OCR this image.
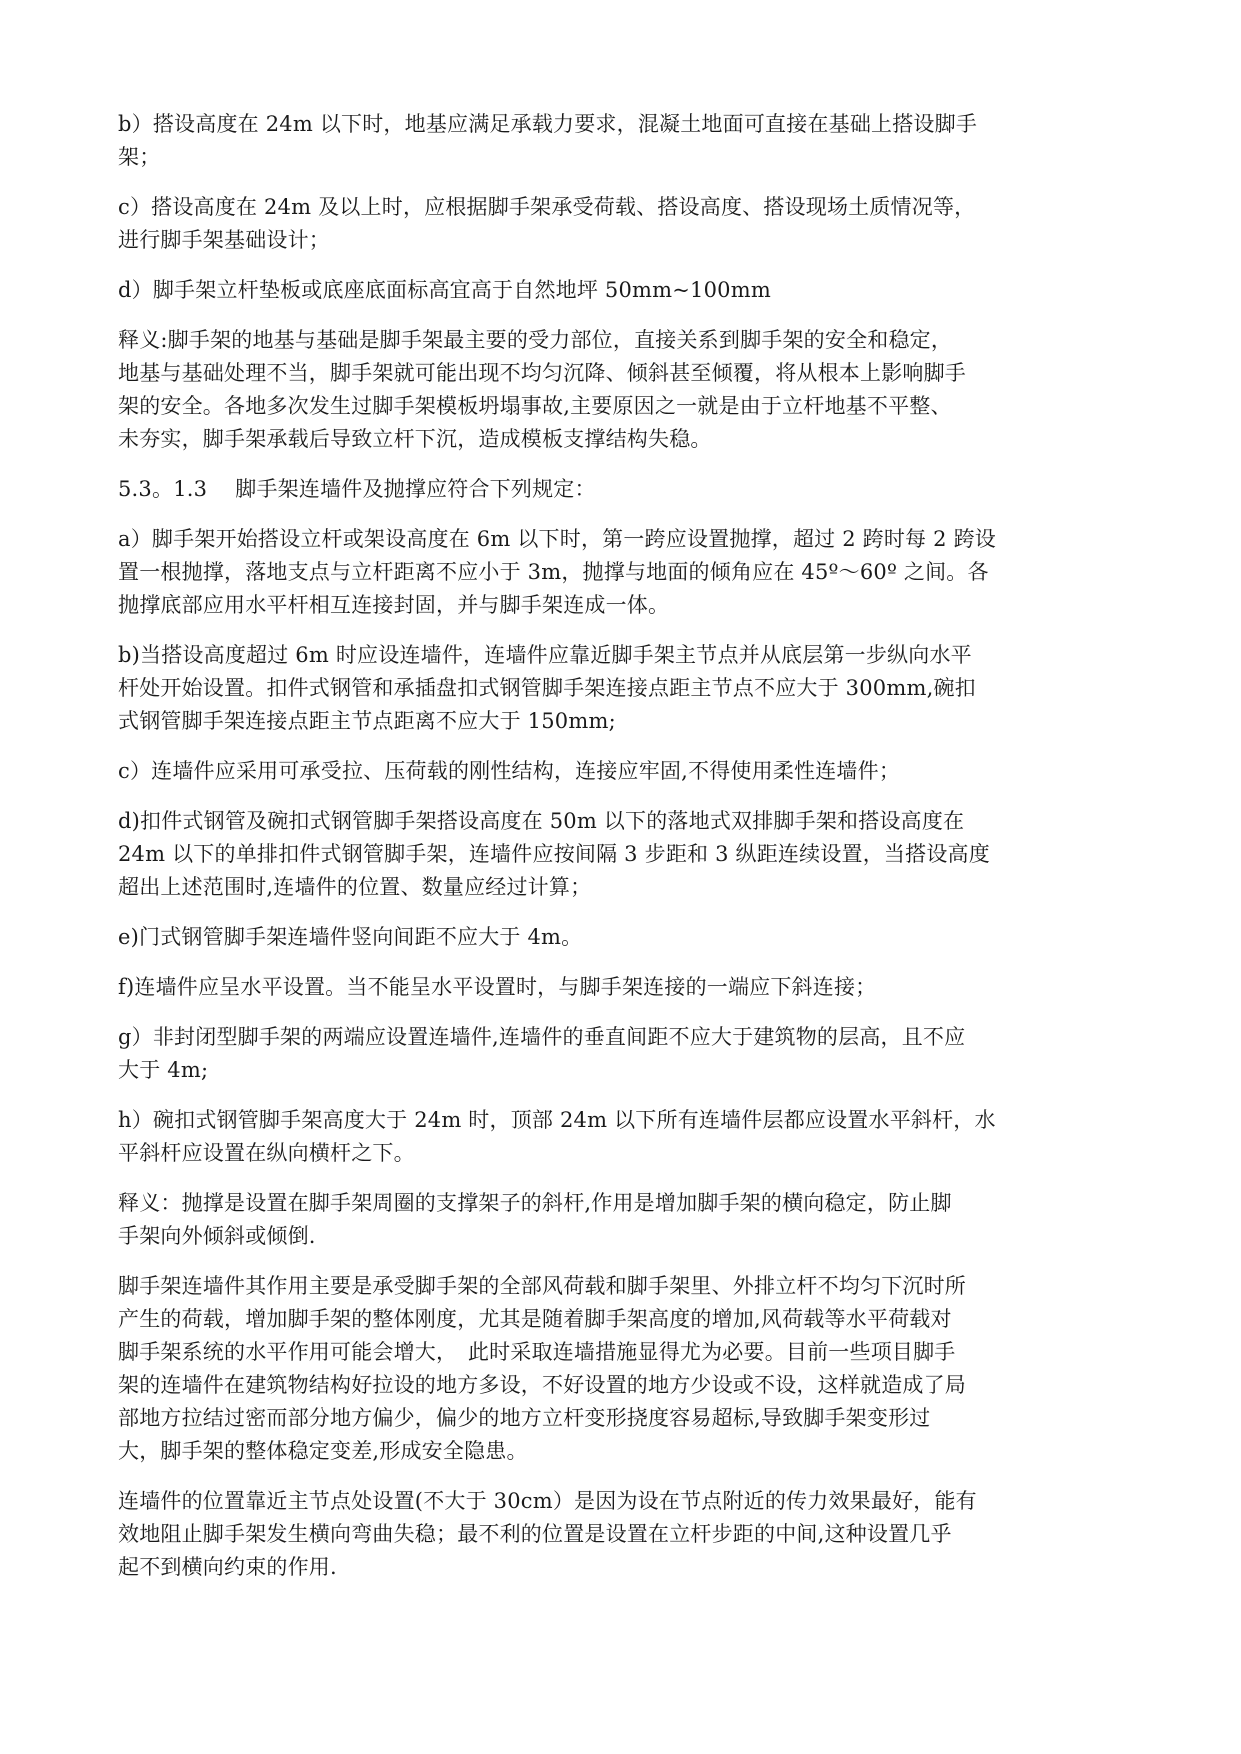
b）搭设高度在 24m 以下时，地基应满足承载力要求，混凝土地面可直接在基础上搭设脚手
架；

c）搭设高度在 24m 及以上时，应根据脚手架承受荷载、搭设高度、搭设现场土质情况等，
进行脚手架基础设计；

d）脚手架立杆垫板或底座底面标高宜高于自然地坪 50mm~100mm

释义:脚手架的地基与基础是脚手架最主要的受力部位，直接关系到脚手架的安全和稳定，
地基与基础处理不当，脚手架就可能出现不均匀沉降、倾斜甚至倾覆，将从根本上影响脚手
架的安全。各地多次发生过脚手架模板坍塌事故,主要原因之一就是由于立杆地基不平整、
未夯实，脚手架承载后导致立杆下沉，造成模板支撑结构失稳。

5.3。1.3　 脚手架连墙件及抛撑应符合下列规定：

a）脚手架开始搭设立杆或架设高度在 6m 以下时，第一跨应设置抛撑，超过 2 跨时每 2 跨设
置一根抛撑，落地支点与立杆距离不应小于 3m，抛撑与地面的倾角应在 45º～60º 之间。各
抛撑底部应用水平杆相互连接封固，并与脚手架连成一体。

b)当搭设高度超过 6m 时应设连墙件，连墙件应靠近脚手架主节点并从底层第一步纵向水平
杆处开始设置。扣件式钢管和承插盘扣式钢管脚手架连接点距主节点不应大于 300mm,碗扣
式钢管脚手架连接点距主节点距离不应大于 150mm;

c）连墙件应采用可承受拉、压荷载的刚性结构，连接应牢固,不得使用柔性连墙件；

d)扣件式钢管及碗扣式钢管脚手架搭设高度在 50m 以下的落地式双排脚手架和搭设高度在
24m 以下的单排扣件式钢管脚手架，连墙件应按间隔 3 步距和 3 纵距连续设置，当搭设高度
超出上述范围时,连墙件的位置、数量应经过计算；

e)门式钢管脚手架连墙件竖向间距不应大于 4m。

f)连墙件应呈水平设置。当不能呈水平设置时，与脚手架连接的一端应下斜连接；

g）非封闭型脚手架的两端应设置连墙件,连墙件的垂直间距不应大于建筑物的层高，且不应
大于 4m;

h）碗扣式钢管脚手架高度大于 24m 时，顶部 24m 以下所有连墙件层都应设置水平斜杆，水
平斜杆应设置在纵向横杆之下。

释义：抛撑是设置在脚手架周圈的支撑架子的斜杆,作用是增加脚手架的横向稳定，防止脚
手架向外倾斜或倾倒.

脚手架连墙件其作用主要是承受脚手架的全部风荷载和脚手架里、外排立杆不均匀下沉时所
产生的荷载，增加脚手架的整体刚度，尤其是随着脚手架高度的增加,风荷载等水平荷载对
脚手架系统的水平作用可能会增大，　此时采取连墙措施显得尤为必要。目前一些项目脚手
架的连墙件在建筑物结构好拉设的地方多设，不好设置的地方少设或不设，这样就造成了局
部地方拉结过密而部分地方偏少，偏少的地方立杆变形挠度容易超标,导致脚手架变形过
大，脚手架的整体稳定变差,形成安全隐患。

连墙件的位置靠近主节点处设置(不大于 30cm）是因为设在节点附近的传力效果最好，能有
效地阻止脚手架发生横向弯曲失稳；最不利的位置是设置在立杆步距的中间,这种设置几乎
起不到横向约束的作用.
